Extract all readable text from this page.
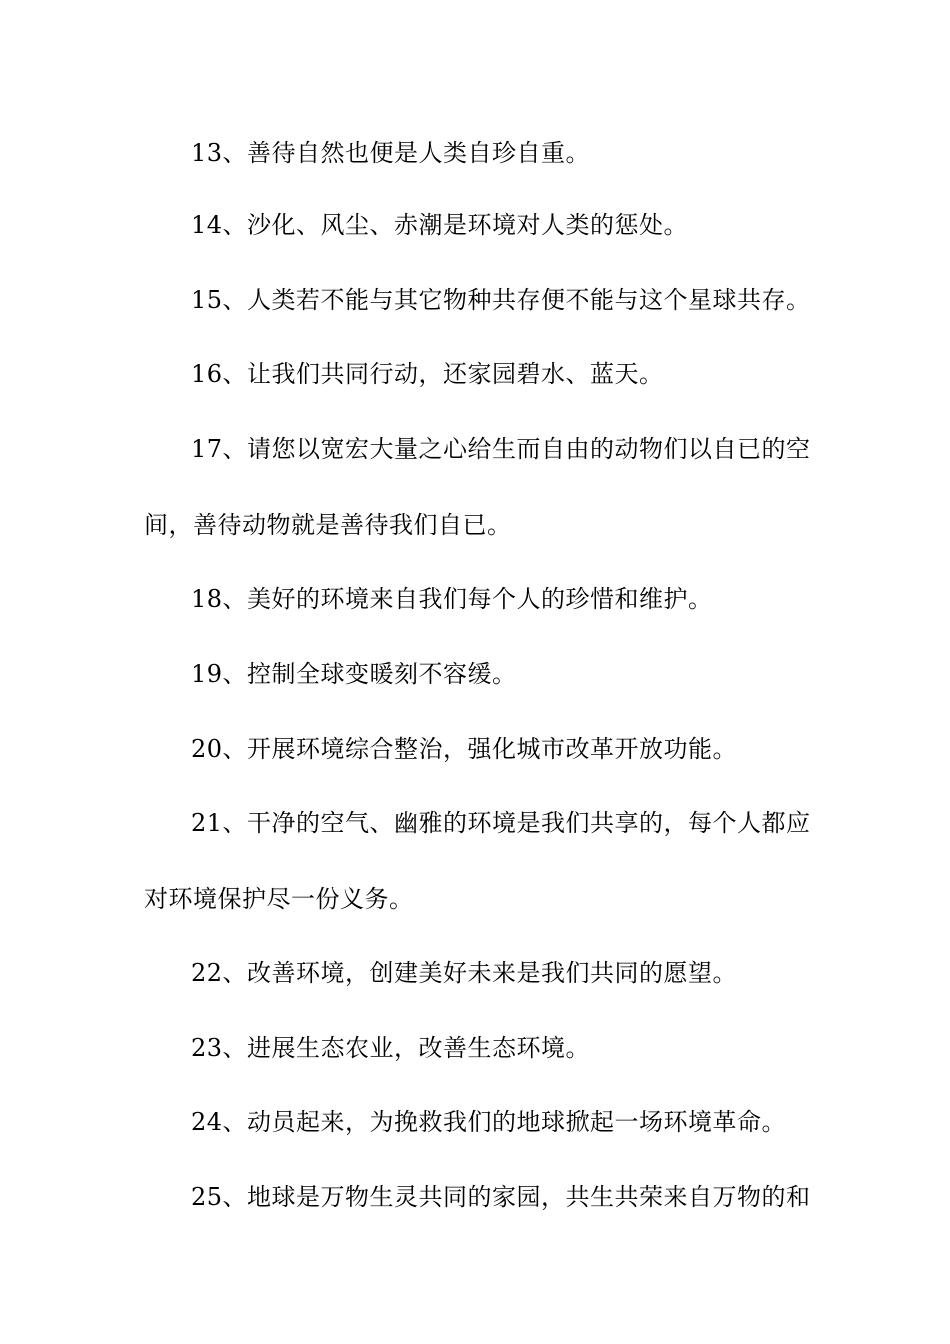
13、善待自然也便是人类自珍自重。
14、沙化、风尘、赤潮是环境对人类的惩处。
15、人类若不能与其它物种共存便不能与这个星球共存。
16、让我们共同行动，还家园碧水、蓝天。
17、请您以宽宏大量之心给生而自由的动物们以自已的空
间，善待动物就是善待我们自已。
18、美好的环境来自我们每个人的珍惜和维护。
19、控制全球变暖刻不容缓。
20、开展环境综合整治，强化城市改革开放功能。
21、干净的空气、幽雅的环境是我们共享的，每个人都应
对环境保护尽一份义务。
22、改善环境，创建美好未来是我们共同的愿望。
23、进展生态农业，改善生态环境。
24、动员起来，为挽救我们的地球掀起一场环境革命。
25、地球是万物生灵共同的家园，共生共荣来自万物的和
